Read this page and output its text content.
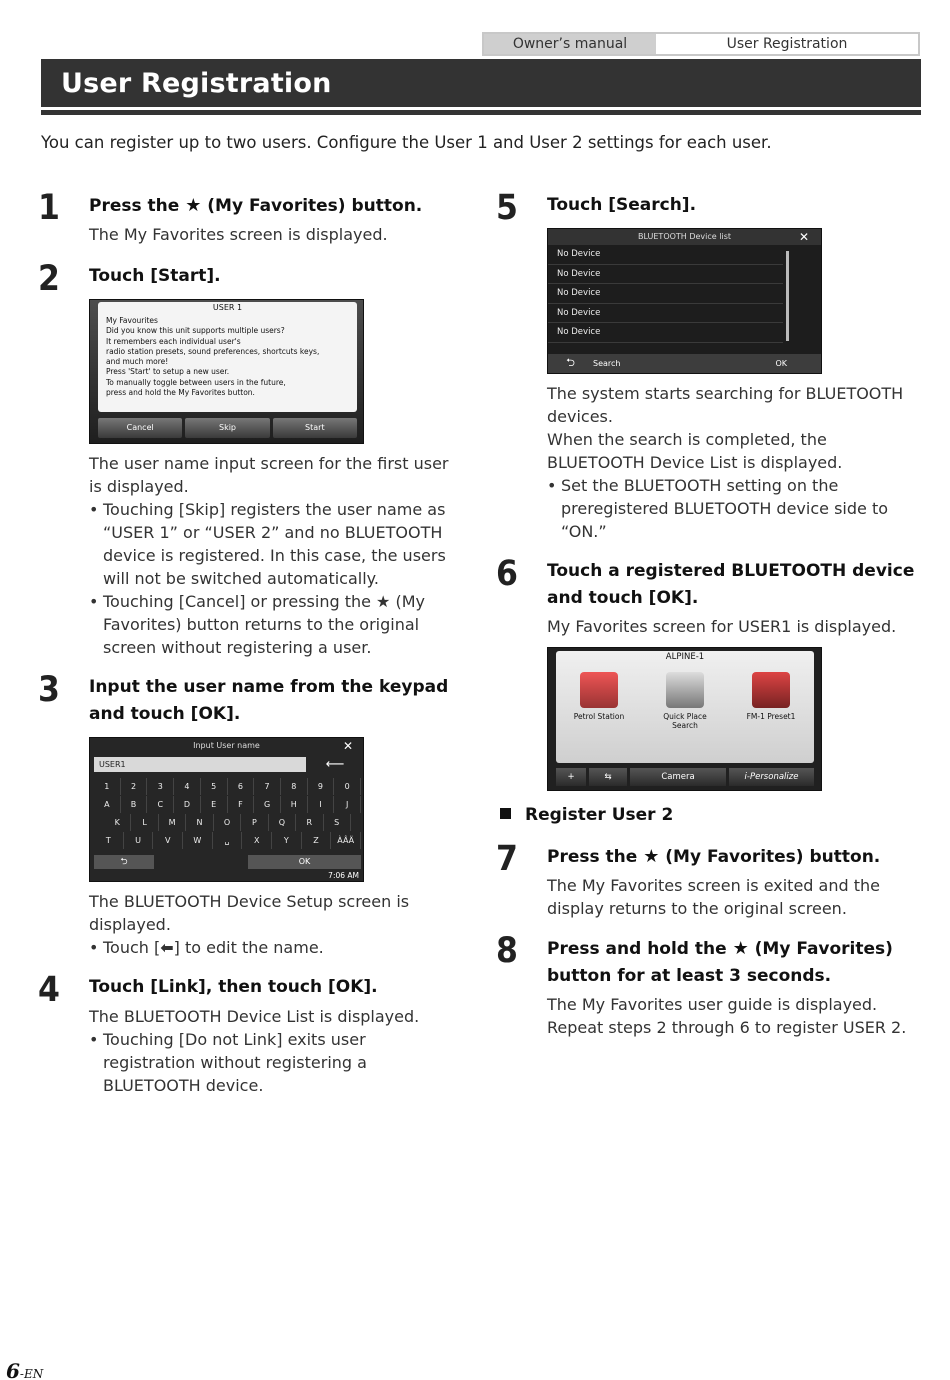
Owner’s manual	User Registration
User Registration

You can register up to two users. Configure the User 1 and User 2 settings for each user.

1 Press the ★ (My Favorites) button.
The My Favorites screen is displayed.
2 Touch [Start].
USER 1
My Favourites
Did you know this unit supports multiple users?
It remembers each individual user's
radio station presets, sound preferences, shortcuts keys,
and much more!
Press 'Start' to setup a new user.
To manually toggle between users in the future,
press and hold the My Favorites button.
Cancel	Skip	Start
The user name input screen for the first user is displayed.
• Touching [Skip] registers the user name as “USER 1” or “USER 2” and no BLUETOOTH device is registered. In this case, the users will not be switched automatically.
• Touching [Cancel] or pressing the ★ (My Favorites) button returns to the original screen without registering a user.
3 Input the user name from the keypad and touch [OK].
Input User name	✕
USER1	⟵
1	2	3	4	5	6	7	8	9	0
A	B	C	D	E	F	G	H	I	J
K	L	M	N	O	P	Q	R	S
T	U	V	W	␣	X	Y	Z	ÀÂÄ
⮌	OK
7:06 AM
The BLUETOOTH Device Setup screen is displayed.
• Touch [⬅] to edit the name.
4 Touch [Link], then touch [OK].
The BLUETOOTH Device List is displayed.
• Touching [Do not Link] exits user registration without registering a BLUETOOTH device.
5 Touch [Search].
BLUETOOTH Device list	✕
No Device
No Device
No Device
No Device
No Device
⮌	Search	OK
The system starts searching for BLUETOOTH devices.
When the search is completed, the BLUETOOTH Device List is displayed.
• Set the BLUETOOTH setting on the preregistered BLUETOOTH device side to “ON.”
6 Touch a registered BLUETOOTH device and touch [OK].
My Favorites screen for USER1 is displayed.
ALPINE-1
Petrol Station	Quick Place Search
FM-1 Preset1
+	⇆	Camera	i-Personalize
Register User 2
7 Press the ★ (My Favorites) button.
The My Favorites screen is exited and the display returns to the original screen.
8 Press and hold the ★ (My Favorites) button for at least 3 seconds.
The My Favorites user guide is displayed. Repeat steps 2 through 6 to register USER 2.
6-EN
